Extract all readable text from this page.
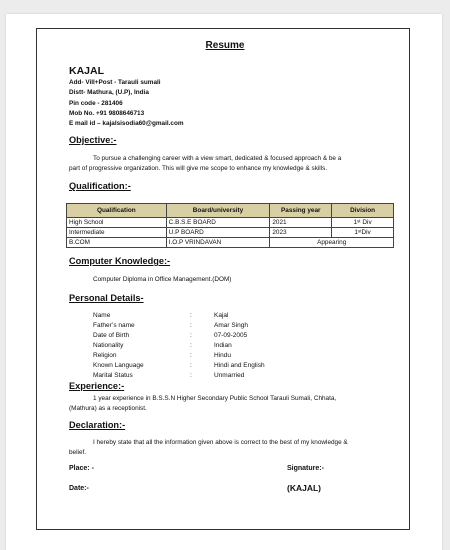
Resume
KAJAL
Add- Vill+Post - Tarauli sumali
Distt- Mathura, (U.P), India
Pin code - 281406
Mob No. +91 9808646713
E mail id – kajalsisodia60@gmail.com
Objective:-
To pursue a challenging career with a view smart, dedicated & focused approach & be a
part of progressive organization. This will give me scope to enhance my knowledge & skills.
Qualification:-
Qualification	Board/university	Passing year	Division
High School	C.B.S.E BOARD	2021	1ˢᵗ Div
Intermediate	U.P BOARD	2023	1ˢᵗDiv
B.COM	I.O.P VRINDAVAN	Appearing	
Computer Knowledge:-
Computer Diploma in Office Management.(DOM)
Personal Details-
Name	:	Kajal
Father’s name	:	Amar Singh
Date of Birth	:	07-09-2005
Nationality	:	Indian
Religion	:	Hindu
Known Language	:	Hindi and English
Marital Status	:	Unmarried
Experience:-
1 year experience in B.S.S.N Higher Secondary Public School Tarauli Sumali, Chhata,
(Mathura) as a receptionist.
Declaration:-
I hereby state that all the information given above is correct to the best of my knowledge &
belief.
Place: -	Signature:-
Date:-	(KAJAL)
